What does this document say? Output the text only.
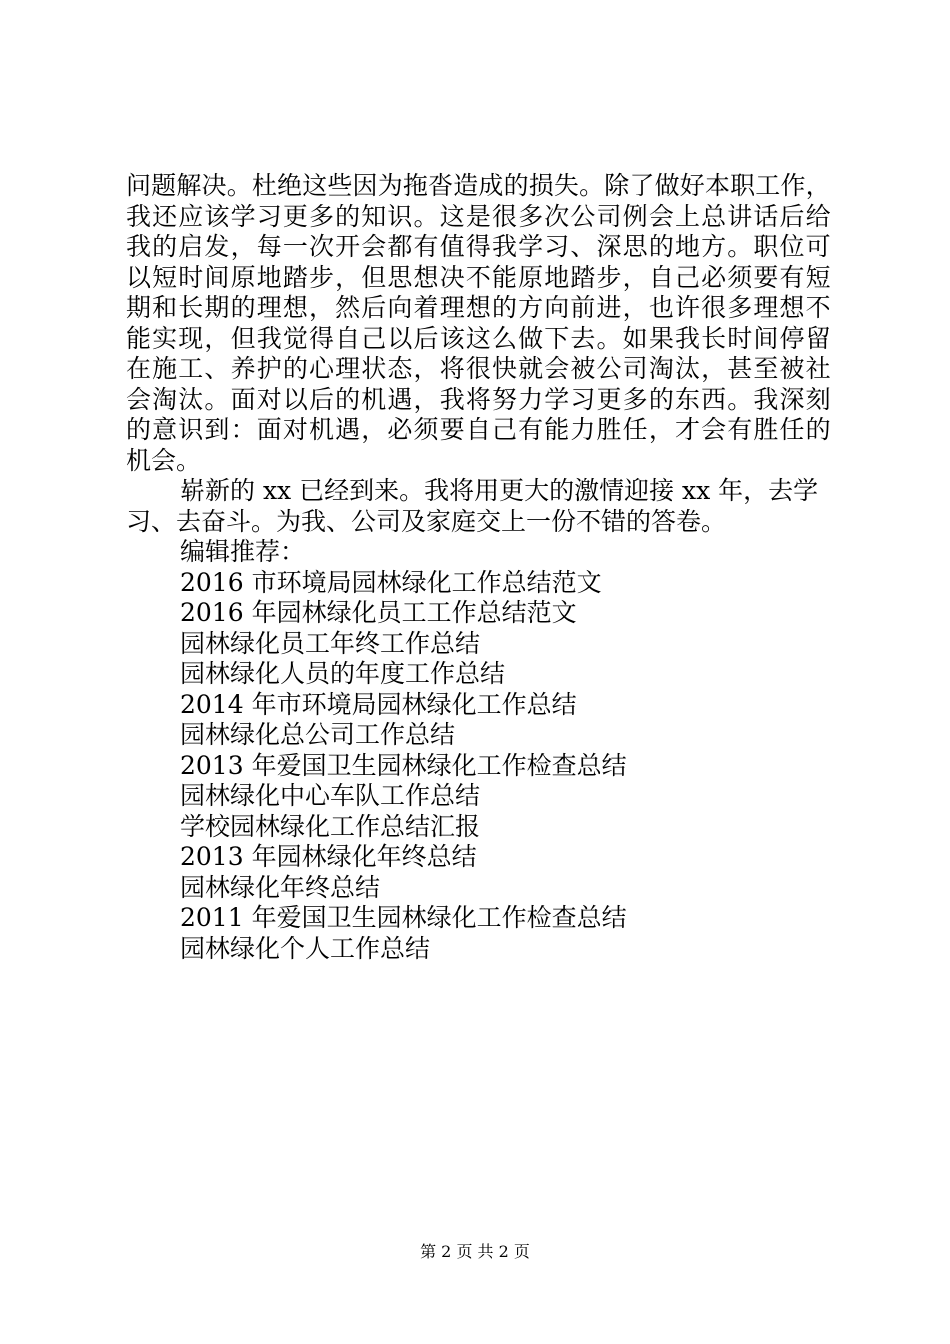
问 题 解 决 。 杜 绝 这 些 因 为 拖 沓 造 成 的 损 失 。 除 了 做 好 本 职 工 作 ，
我 还 应 该 学 习 更 多 的 知 识 。 这 是 很 多 次 公 司 例 会 上 总 讲 话 后 给
我 的 启 发 ， 每 一 次 开 会 都 有 值 得 我 学 习 、 深 思 的 地 方 。 职 位 可
以 短 时 间 原 地 踏 步 ， 但 思 想 决 不 能 原 地 踏 步 ， 自 己 必 须 要 有 短
期 和 长 期 的 理 想 ， 然 后 向 着 理 想 的 方 向 前 进 ， 也 许 很 多 理 想 不
能 实 现 ， 但 我 觉 得 自 己 以 后 该 这 么 做 下 去 。 如 果 我 长 时 间 停 留
在 施 工 、 养 护 的 心 理 状 态 ， 将 很 快 就 会 被 公 司 淘 汰 ， 甚 至 被 社
会 淘 汰 。 面 对 以 后 的 机 遇 ， 我 将 努 力 学 习 更 多 的 东 西 。 我 深 刻
的 意 识 到 ： 面 对 机 遇 ， 必 须 要 自 己 有 能 力 胜 任 ， 才 会 有 胜 任 的
机会。
崭新的 xx 已经到来。我将用更大的激情迎接 xx 年，去学
习、去奋斗。为我、公司及家庭交上一份不错的答卷。
编辑推荐：
2016 市环境局园林绿化工作总结范文
2016 年园林绿化员工工作总结范文
园林绿化员工年终工作总结
园林绿化人员的年度工作总结
2014 年市环境局园林绿化工作总结
园林绿化总公司工作总结
2013 年爱国卫生园林绿化工作检查总结
园林绿化中心车队工作总结
学校园林绿化工作总结汇报
2013 年园林绿化年终总结
园林绿化年终总结
2011 年爱国卫生园林绿化工作检查总结
园林绿化个人工作总结
第 2 页 共 2 页
